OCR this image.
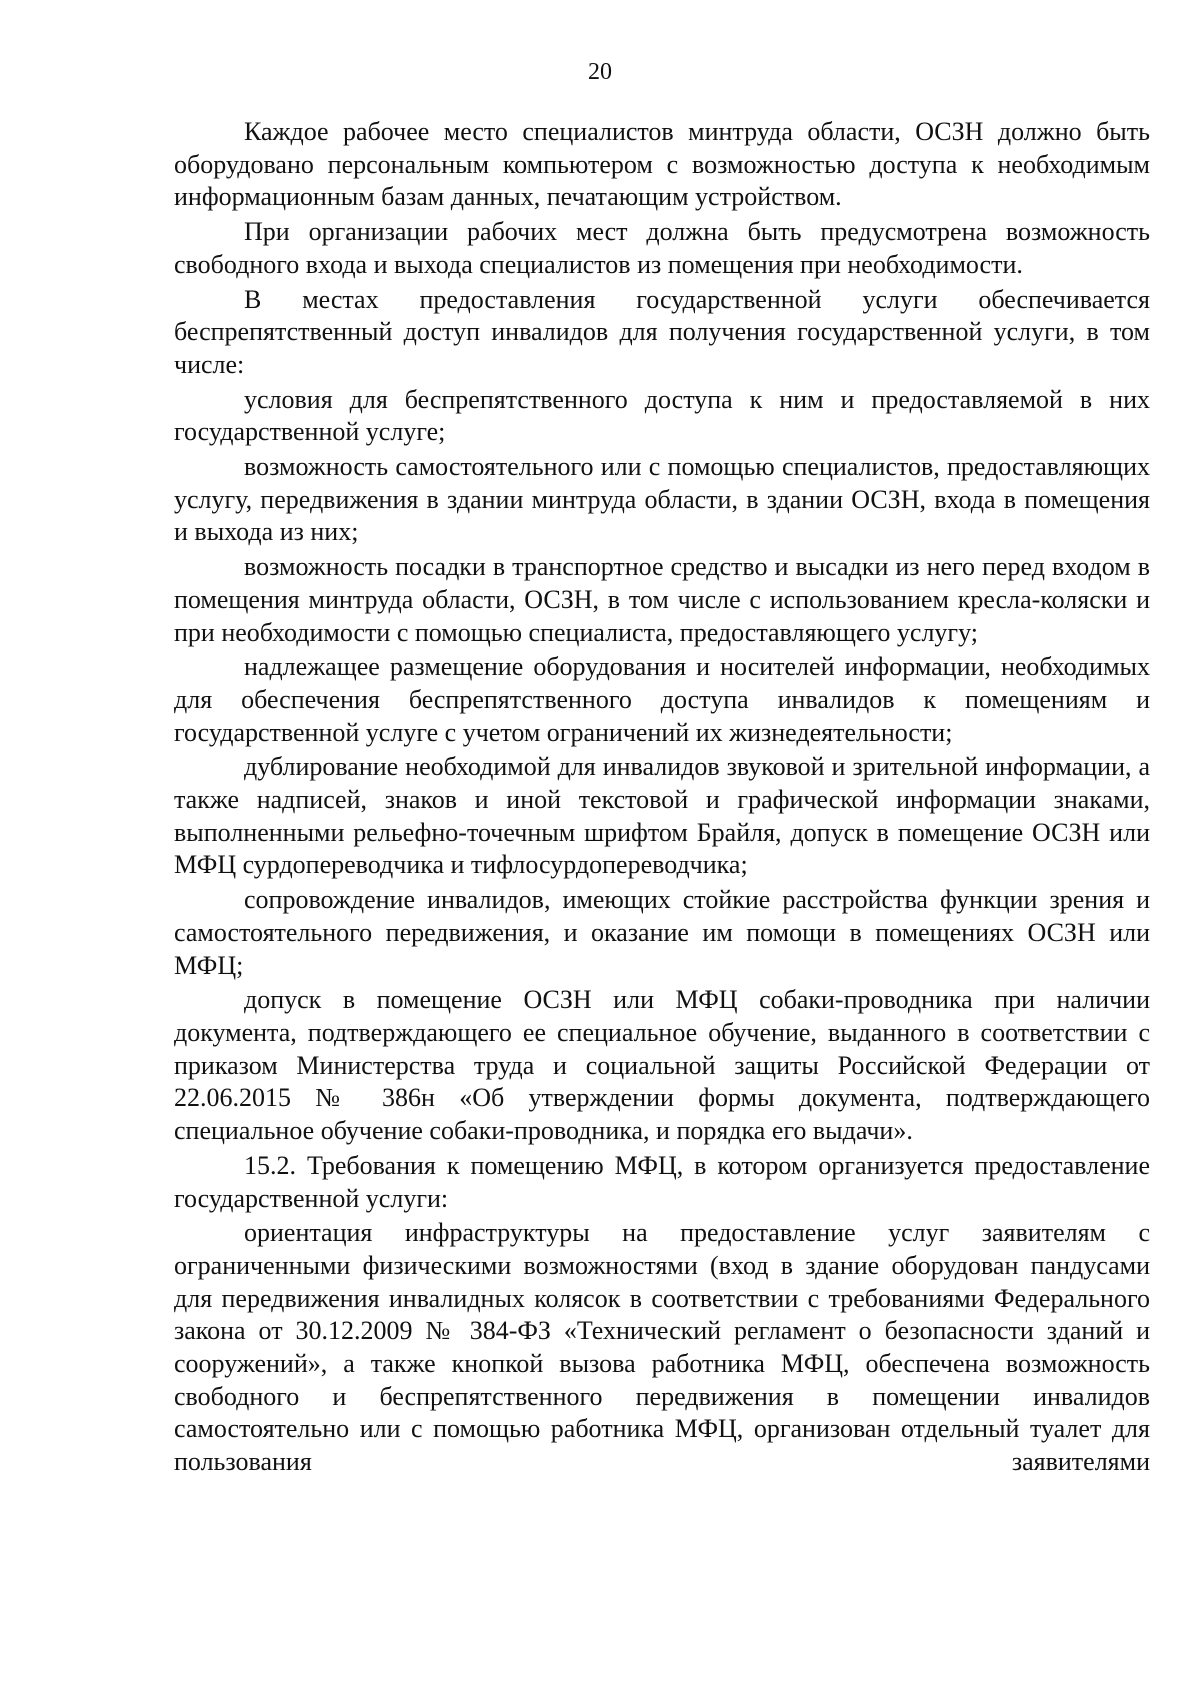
20

Каждое рабочее место специалистов минтруда области, ОСЗН должно быть оборудовано персональным компьютером с возможностью доступа к необходимым информационным базам данных, печатающим устройством.

При организации рабочих мест должна быть предусмотрена возможность свободного входа и выхода специалистов из помещения при необходимости.

В местах предоставления государственной услуги обеспечивается беспрепятственный доступ инвалидов для получения государственной услуги, в том числе:

условия для беспрепятственного доступа к ним и предоставляемой в них государственной услуге;

возможность самостоятельного или с помощью специалистов, предоставляющих услугу, передвижения в здании минтруда области, в здании ОСЗН, входа в помещения и выхода из них;

возможность посадки в транспортное средство и высадки из него перед входом в помещения минтруда области, ОСЗН, в том числе с использованием кресла-коляски и при необходимости с помощью специалиста, предоставляющего услугу;

надлежащее размещение оборудования и носителей информации, необходимых для обеспечения беспрепятственного доступа инвалидов к помещениям и государственной услуге с учетом ограничений их жизнедеятельности;

дублирование необходимой для инвалидов звуковой и зрительной информации, а также надписей, знаков и иной текстовой и графической информации знаками, выполненными рельефно-точечным шрифтом Брайля, допуск в помещение ОСЗН или МФЦ сурдопереводчика и тифлосурдопереводчика;

сопровождение инвалидов, имеющих стойкие расстройства функции зрения и самостоятельного передвижения, и оказание им помощи в помещениях ОСЗН или МФЦ;

допуск в помещение ОСЗН или МФЦ собаки-проводника при наличии документа, подтверждающего ее специальное обучение, выданного в соответствии с приказом Министерства труда и социальной защиты Российской Федерации от 22.06.2015 № 386н «Об утверждении формы документа, подтверждающего специальное обучение собаки-проводника, и порядка его выдачи».

15.2. Требования к помещению МФЦ, в котором организуется предоставление государственной услуги:

ориентация инфраструктуры на предоставление услуг заявителям с ограниченными физическими возможностями (вход в здание оборудован пандусами для передвижения инвалидных колясок в соответствии с требованиями Федерального закона от 30.12.2009 № 384-ФЗ «Технический регламент о безопасности зданий и сооружений», а также кнопкой вызова работника МФЦ, обеспечена возможность свободного и беспрепятственного передвижения в помещении инвалидов самостоятельно или с помощью работника МФЦ, организован отдельный туалет для пользования заявителями
